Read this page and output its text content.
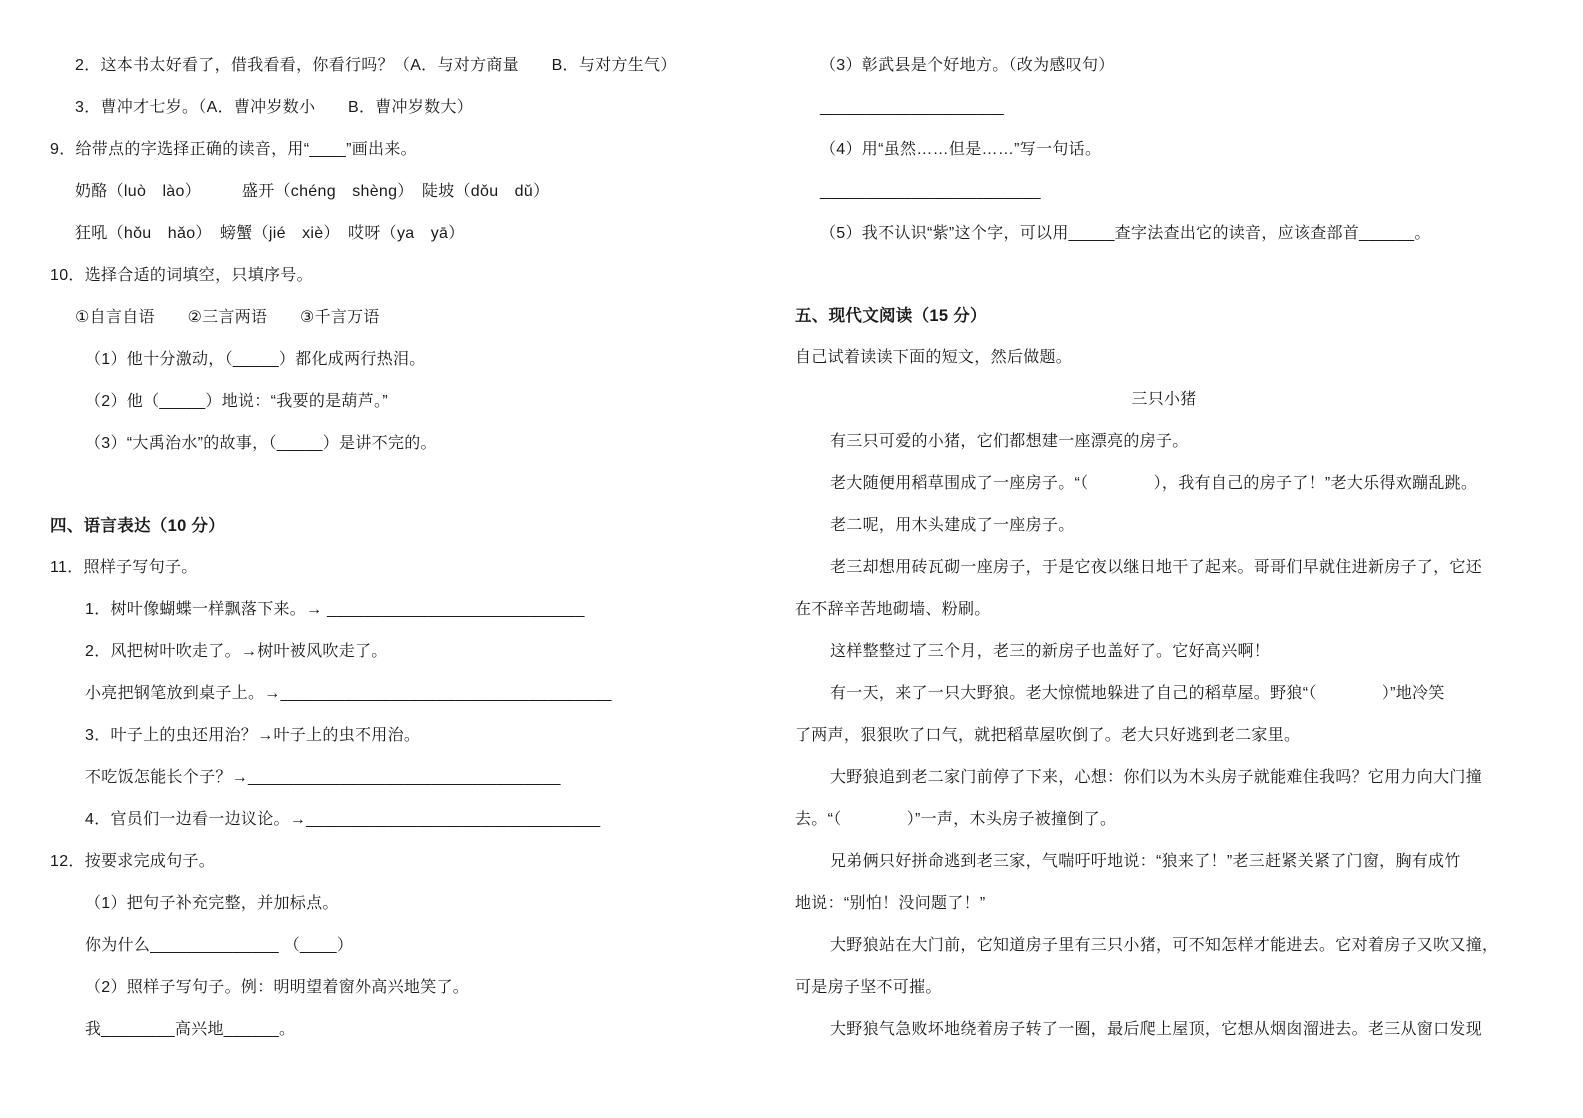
2．这本书太好看了，借我看看，你看行吗？（A．与对方商量　　B．与对方生气）
3．曹冲才七岁。（A．曹冲岁数小　　B．曹冲岁数大）
9．给带点的字选择正确的读音，用“____”画出来。
奶酪（luò　lào）　　　盛开（chéng　shèng）　陡坡（dǒu　dǔ）
狂吼（hǒu　hǎo）　螃蟹（jié　xiè）　哎呀（ya　yā）
10．选择合适的词填空，只填序号。
①自言自语　　②三言两语　　③千言万语
（1）他十分激动，（_____）都化成两行热泪。
（2）他（_____）地说：“我要的是葫芦。”
（3）“大禹治水”的故事，（_____）是讲不完的。
四、语言表达（10 分）
11．照样子写句子。
1．树叶像蝴蝶一样飘落下来。→ ____________________________
2．风把树叶吹走了。→树叶被风吹走了。
小亮把钢笔放到桌子上。→____________________________________
3．叶子上的虫还用治？→叶子上的虫不用治。
不吃饭怎能长个子？→__________________________________
4．官员们一边看一边议论。→________________________________
12．按要求完成句子。
（1）把句子补充完整，并加标点。
你为什么______________ （____）
（2）照样子写句子。例：明明望着窗外高兴地笑了。
我________高兴地______。
（3）彰武县是个好地方。（改为感叹句）
____________________
（4）用“虽然……但是……”写一句话。
________________________
（5）我不认识“紫”这个字，可以用_____查字法查出它的读音，应该查部首______。
五、现代文阅读（15 分）
自己试着读读下面的短文，然后做题。
三只小猪
有三只可爱的小猪，它们都想建一座漂亮的房子。
老大随便用稻草围成了一座房子。“（　　　　），我有自己的房子了！”老大乐得欢蹦乱跳。
老二呢，用木头建成了一座房子。
老三却想用砖瓦砌一座房子，于是它夜以继日地干了起来。哥哥们早就住进新房子了，它还
在不辞辛苦地砌墙、粉刷。
这样整整过了三个月，老三的新房子也盖好了。它好高兴啊！
有一天，来了一只大野狼。老大惊慌地躲进了自己的稻草屋。野狼“（　　　　）”地冷笑
了两声，狠狠吹了口气，就把稻草屋吹倒了。老大只好逃到老二家里。
大野狼追到老二家门前停了下来，心想：你们以为木头房子就能难住我吗？它用力向大门撞
去。“（　　　　）”一声，木头房子被撞倒了。
兄弟俩只好拼命逃到老三家，气喘吁吁地说：“狼来了！”老三赶紧关紧了门窗，胸有成竹
地说：“别怕！没问题了！”
大野狼站在大门前，它知道房子里有三只小猪，可不知怎样才能进去。它对着房子又吹又撞，
可是房子坚不可摧。
大野狼气急败坏地绕着房子转了一圈，最后爬上屋顶，它想从烟囱溜进去。老三从窗口发现
